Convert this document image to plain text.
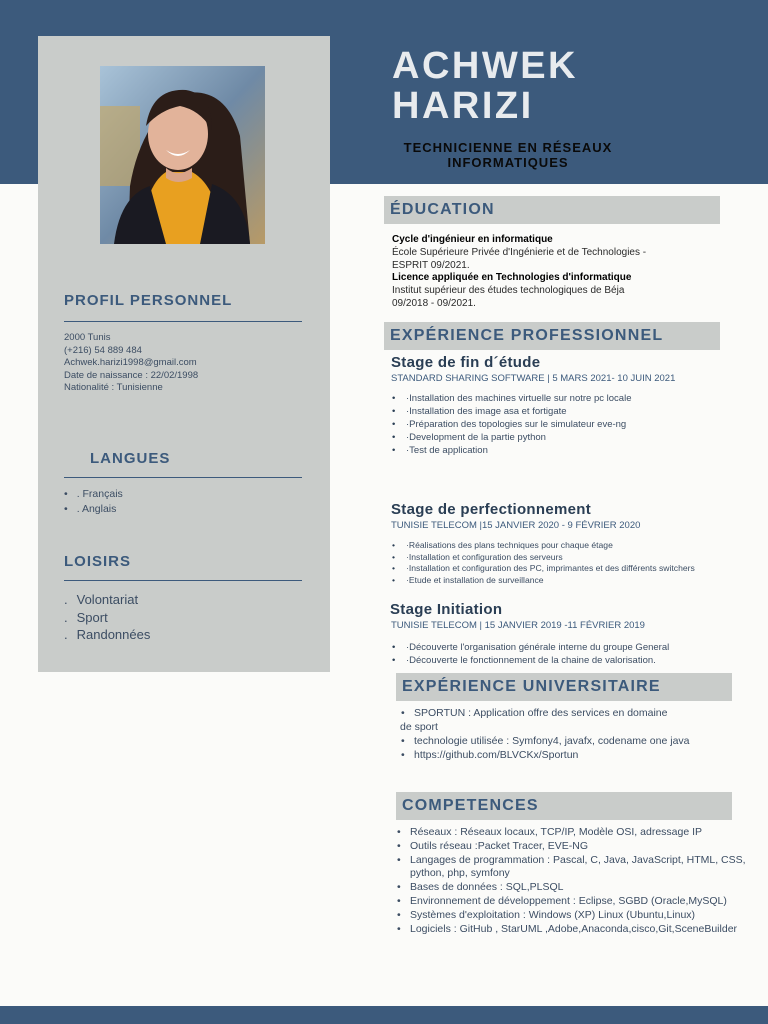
PROFIL PERSONNEL
2000 Tunis
(+216) 54 889 484
Achwek.harizi1998@gmail.com
Date de naissance : 22/02/1998
Nationalité : Tunisienne
LANGUES
• . Français
• . Anglais
LOISIRS
. Volontariat
. Sport
. Randonnées
ACHWEK
HARIZI
TECHNICIENNE EN RÉSEAUX
INFORMATIQUES
ÉDUCATION
Cycle d'ingénieur en informatique
École Supérieure Privée d'Ingénierie et de Technologies -
ESPRIT 09/2021.
Licence appliquée en Technologies d'informatique
Institut supérieur des études technologiques de Béja
09/2018 - 09/2021.
EXPÉRIENCE PROFESSIONNEL
Stage de fin d´étude
STANDARD SHARING SOFTWARE | 5 MARS 2021- 10 JUIN 2021
• ·Installation des machines virtuelle sur notre pc locale
• ·Installation des image asa et fortigate
• ·Préparation des topologies sur le simulateur eve-ng
• ·Development de la partie python
• ·Test de application
Stage de perfectionnement
TUNISIE TELECOM |15 JANVIER 2020 - 9 FÉVRIER 2020
• ·Réalisations des plans techniques pour chaque étage
• ·Installation et configuration des serveurs
• ·Installation et configuration des PC, imprimantes et des différents switchers
• ·Etude et installation de surveillance
Stage Initiation
TUNISIE TELECOM | 15 JANVIER 2019 -11 FÉVRIER 2019
• ·Découverte l'organisation générale interne du groupe General
• ·Découverte le fonctionnement de la chaine de valorisation.
EXPÉRIENCE UNIVERSITAIRE

• SPORTUN : Application offre des services en domaine

de sport

• technologie utilisée : Symfony4, javafx, codename one java

• https://github.com/BLVCKx/Sportun

COMPETENCES
• Réseaux : Réseaux locaux, TCP/IP, Modèle OSI, adressage IP
• Outils réseau :Packet Tracer, EVE-NG
• Langages de programmation : Pascal, C, Java, JavaScript, HTML, CSS, python, php, symfony
• Bases de données : SQL,PLSQL
• Environnement de développement : Eclipse, SGBD (Oracle,MySQL)
• Systèmes d'exploitation : Windows (XP) Linux (Ubuntu,Linux)
• Logiciels : GitHub , StarUML ,Adobe,Anaconda,cisco,Git,SceneBuilder
